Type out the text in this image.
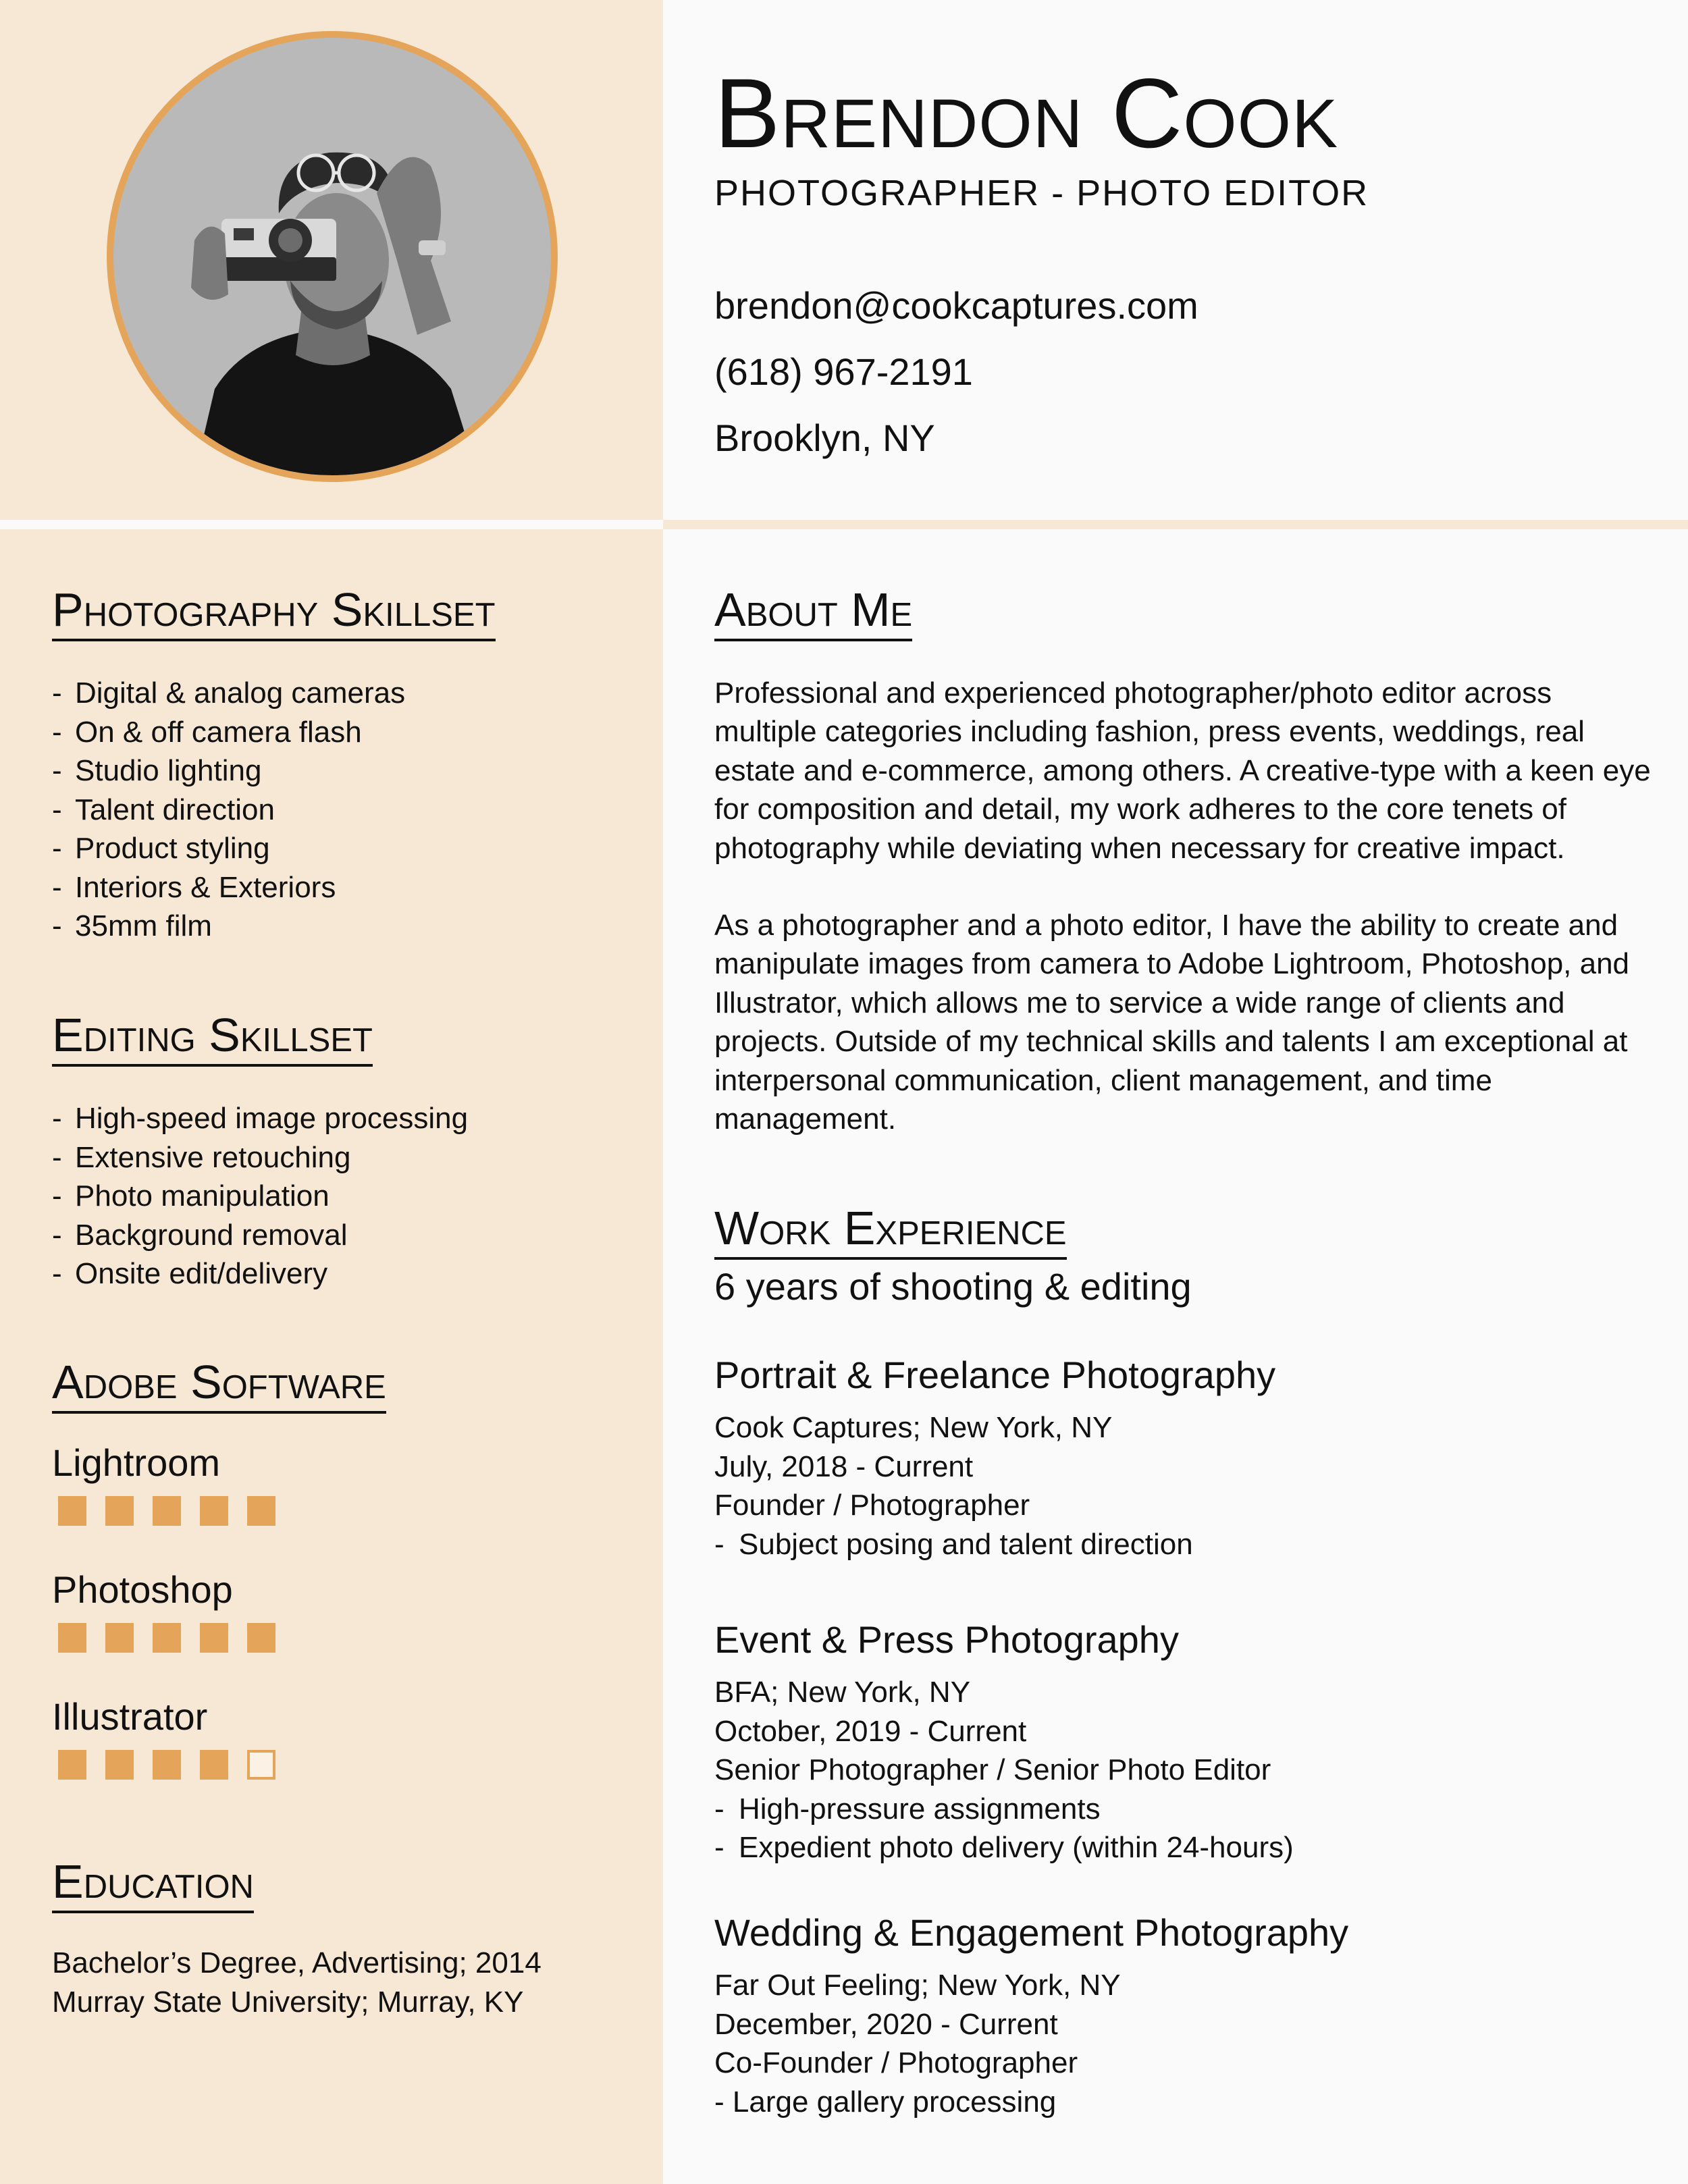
Brendon Cook
PHOTOGRAPHER - PHOTO EDITOR
brendon@cookcaptures.com
(618) 967-2191
Brooklyn, NY
Photography Skillset
- Digital & analog cameras
- On & off camera flash
- Studio lighting
- Talent direction
- Product styling
- Interiors & Exteriors
- 35mm film
Editing Skillset
- High-speed image processing
- Extensive retouching
- Photo manipulation
- Background removal
- Onsite edit/delivery
Adobe Software
Lightroom
Photoshop
Illustrator
Education
Bachelor’s Degree, Advertising; 2014
Murray State University; Murray, KY
About Me

Professional and experienced photographer/photo editor across multiple categories including fashion, press events, weddings, real estate and e-commerce, among others. A creative-type with a keen eye for composition and detail, my work adheres to the core tenets of photography while deviating when necessary for creative impact.

As a photographer and a photo editor, I have the ability to create and manipulate images from camera to Adobe Lightroom, Photoshop, and Illustrator, which allows me to service a wide range of clients and projects. Outside of my technical skills and talents I am exceptional at interpersonal communication, client management, and time management.

Work Experience
6 years of shooting & editing
Portrait & Freelance Photography
Cook Captures; New York, NY
July, 2018 - Current
Founder / Photographer
- Subject posing and talent direction
Event & Press Photography
BFA; New York, NY
October, 2019 - Current
Senior Photographer / Senior Photo Editor
- High-pressure assignments
- Expedient photo delivery (within 24-hours)
Wedding & Engagement Photography
Far Out Feeling; New York, NY
December, 2020 - Current
Co-Founder / Photographer
- Large gallery processing
